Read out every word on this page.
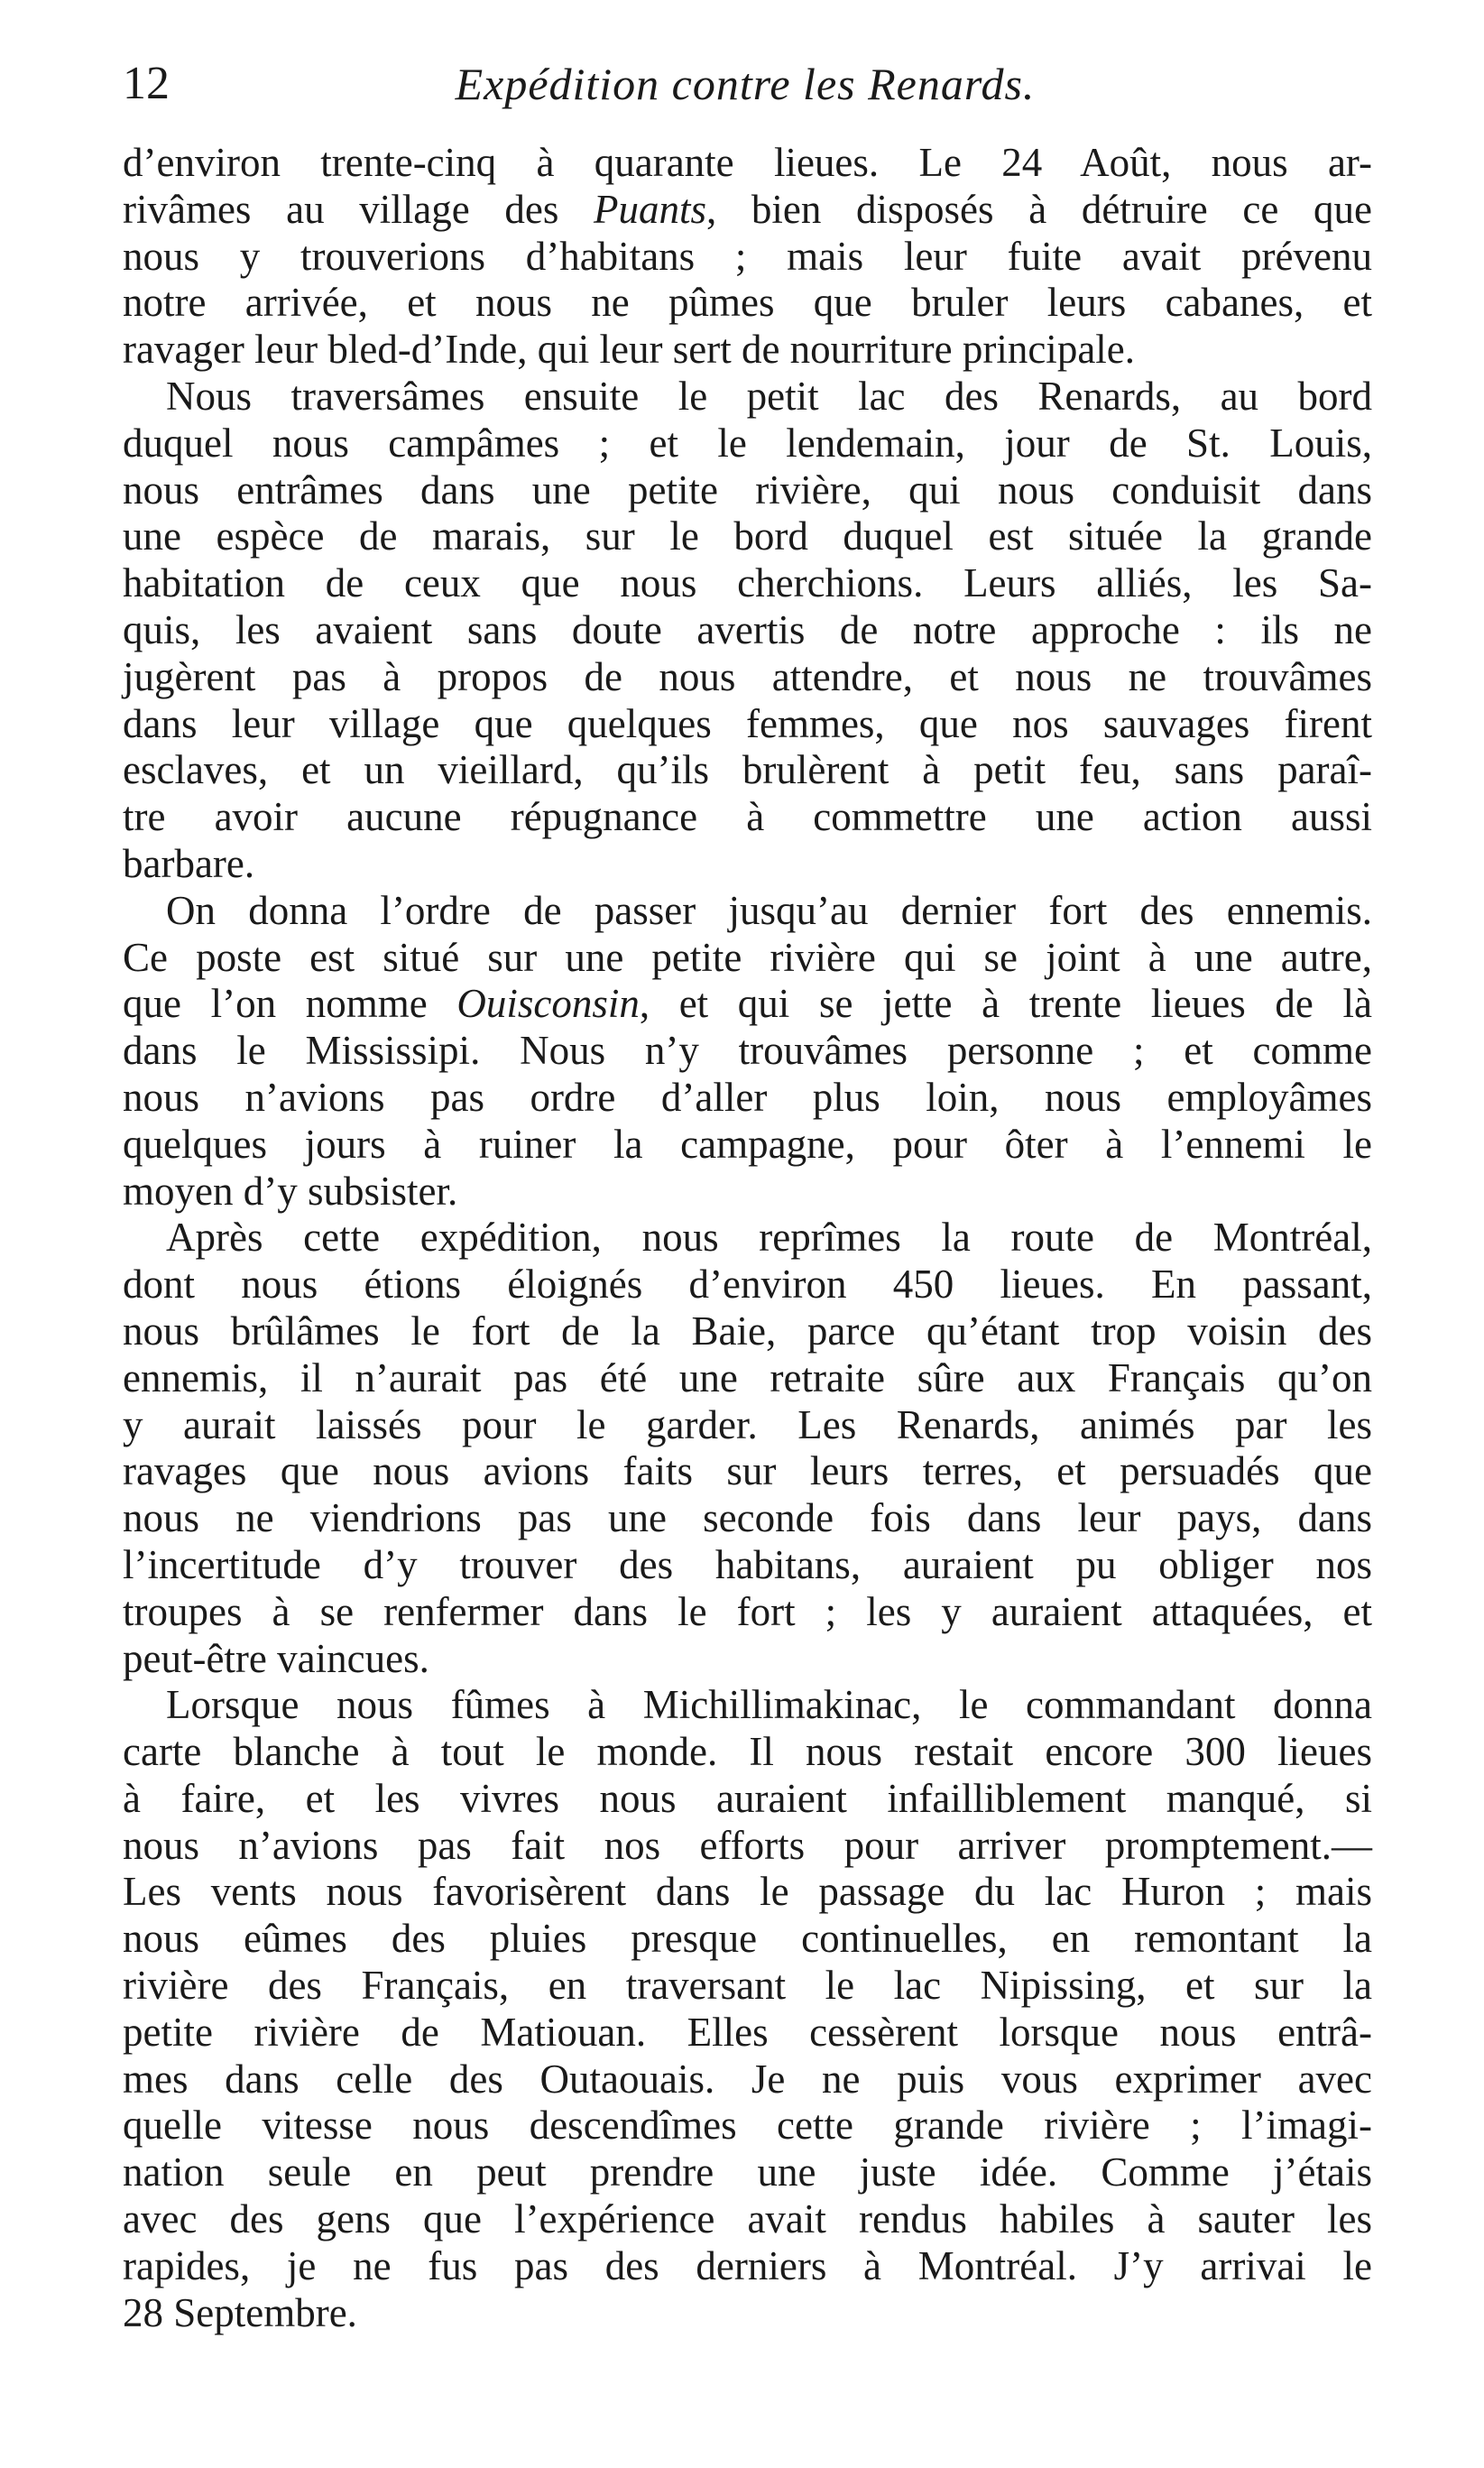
12	Expédition contre les Renards.
d’environ trente-cinq à quarante lieues. Le 24 Août, nous ar-
rivâmes au village des Puants, bien disposés à détruire ce que
nous y trouverions d’habitans ; mais leur fuite avait prévenu
notre arrivée, et nous ne pûmes que bruler leurs cabanes, et
ravager leur bled-d’Inde, qui leur sert de nourriture principale.
Nous traversâmes ensuite le petit lac des Renards, au bord
duquel nous campâmes ; et le lendemain, jour de St. Louis,
nous entrâmes dans une petite rivière, qui nous conduisit dans
une espèce de marais, sur le bord duquel est située la grande
habitation de ceux que nous cherchions. Leurs alliés, les Sa-
quis, les avaient sans doute avertis de notre approche : ils ne
jugèrent pas à propos de nous attendre, et nous ne trouvâmes
dans leur village que quelques femmes, que nos sauvages firent
esclaves, et un vieillard, qu’ils brulèrent à petit feu, sans paraî-
tre avoir aucune répugnance à commettre une action aussi
barbare.
On donna l’ordre de passer jusqu’au dernier fort des ennemis.
Ce poste est situé sur une petite rivière qui se joint à une autre,
que l’on nomme Ouisconsin, et qui se jette à trente lieues de là
dans le Mississipi. Nous n’y trouvâmes personne ; et comme
nous n’avions pas ordre d’aller plus loin, nous employâmes
quelques jours à ruiner la campagne, pour ôter à l’ennemi le
moyen d’y subsister.
Après cette expédition, nous reprîmes la route de Montréal,
dont nous étions éloignés d’environ 450 lieues. En passant,
nous brûlâmes le fort de la Baie, parce qu’étant trop voisin des
ennemis, il n’aurait pas été une retraite sûre aux Français qu’on
y aurait laissés pour le garder. Les Renards, animés par les
ravages que nous avions faits sur leurs terres, et persuadés que
nous ne viendrions pas une seconde fois dans leur pays, dans
l’incertitude d’y trouver des habitans, auraient pu obliger nos
troupes à se renfermer dans le fort ; les y auraient attaquées, et
peut-être vaincues.
Lorsque nous fûmes à Michillimakinac, le commandant donna
carte blanche à tout le monde. Il nous restait encore 300 lieues
à faire, et les vivres nous auraient infailliblement manqué, si
nous n’avions pas fait nos efforts pour arriver promptement.—
Les vents nous favorisèrent dans le passage du lac Huron ; mais
nous eûmes des pluies presque continuelles, en remontant la
rivière des Français, en traversant le lac Nipissing, et sur la
petite rivière de Matiouan. Elles cessèrent lorsque nous entrâ-
mes dans celle des Outaouais. Je ne puis vous exprimer avec
quelle vitesse nous descendîmes cette grande rivière ; l’imagi-
nation seule en peut prendre une juste idée. Comme j’étais
avec des gens que l’expérience avait rendus habiles à sauter les
rapides, je ne fus pas des derniers à Montréal. J’y arrivai le
28 Septembre.
